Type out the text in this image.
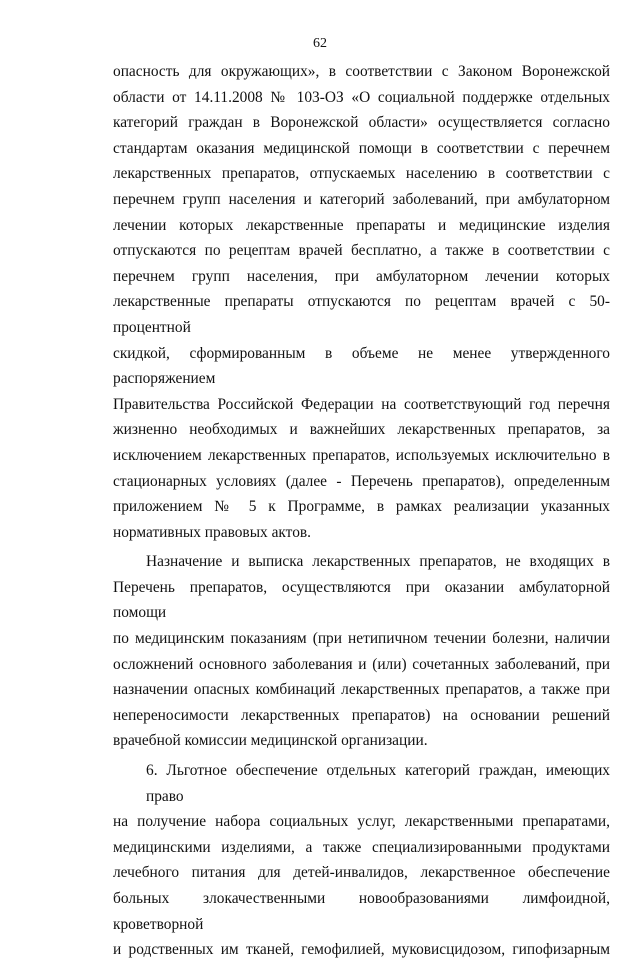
62
опасность для окружающих», в соответствии с Законом Воронежской
области от 14.11.2008 № 103-ОЗ «О социальной поддержке отдельных
категорий граждан в Воронежской области» осуществляется согласно
стандартам оказания медицинской помощи в соответствии с перечнем
лекарственных препаратов, отпускаемых населению в соответствии с
перечнем групп населения и категорий заболеваний, при амбулаторном
лечении которых лекарственные препараты и медицинские изделия
отпускаются по рецептам врачей бесплатно, а также в соответствии с
перечнем групп населения, при амбулаторном лечении которых
лекарственные препараты отпускаются по рецептам врачей с 50-процентной
скидкой, сформированным в объеме не менее утвержденного распоряжением
Правительства Российской Федерации на соответствующий год перечня
жизненно необходимых и важнейших лекарственных препаратов, за
исключением лекарственных препаратов, используемых исключительно в
стационарных условиях (далее - Перечень препаратов), определенным
приложением № 5 к Программе, в рамках реализации указанных
нормативных правовых актов.
Назначение и выписка лекарственных препаратов, не входящих в
Перечень препаратов, осуществляются при оказании амбулаторной помощи
по медицинским показаниям (при нетипичном течении болезни, наличии
осложнений основного заболевания и (или) сочетанных заболеваний, при
назначении опасных комбинаций лекарственных препаратов, а также при
непереносимости лекарственных препаратов) на основании решений
врачебной комиссии медицинской организации.
6. Льготное обеспечение отдельных категорий граждан, имеющих право
на получение набора социальных услуг, лекарственными препаратами,
медицинскими изделиями, а также специализированными продуктами
лечебного питания для детей-инвалидов, лекарственное обеспечение
больных злокачественными новообразованиями лимфоидной, кроветворной
и родственных им тканей, гемофилией, муковисцидозом, гипофизарным
